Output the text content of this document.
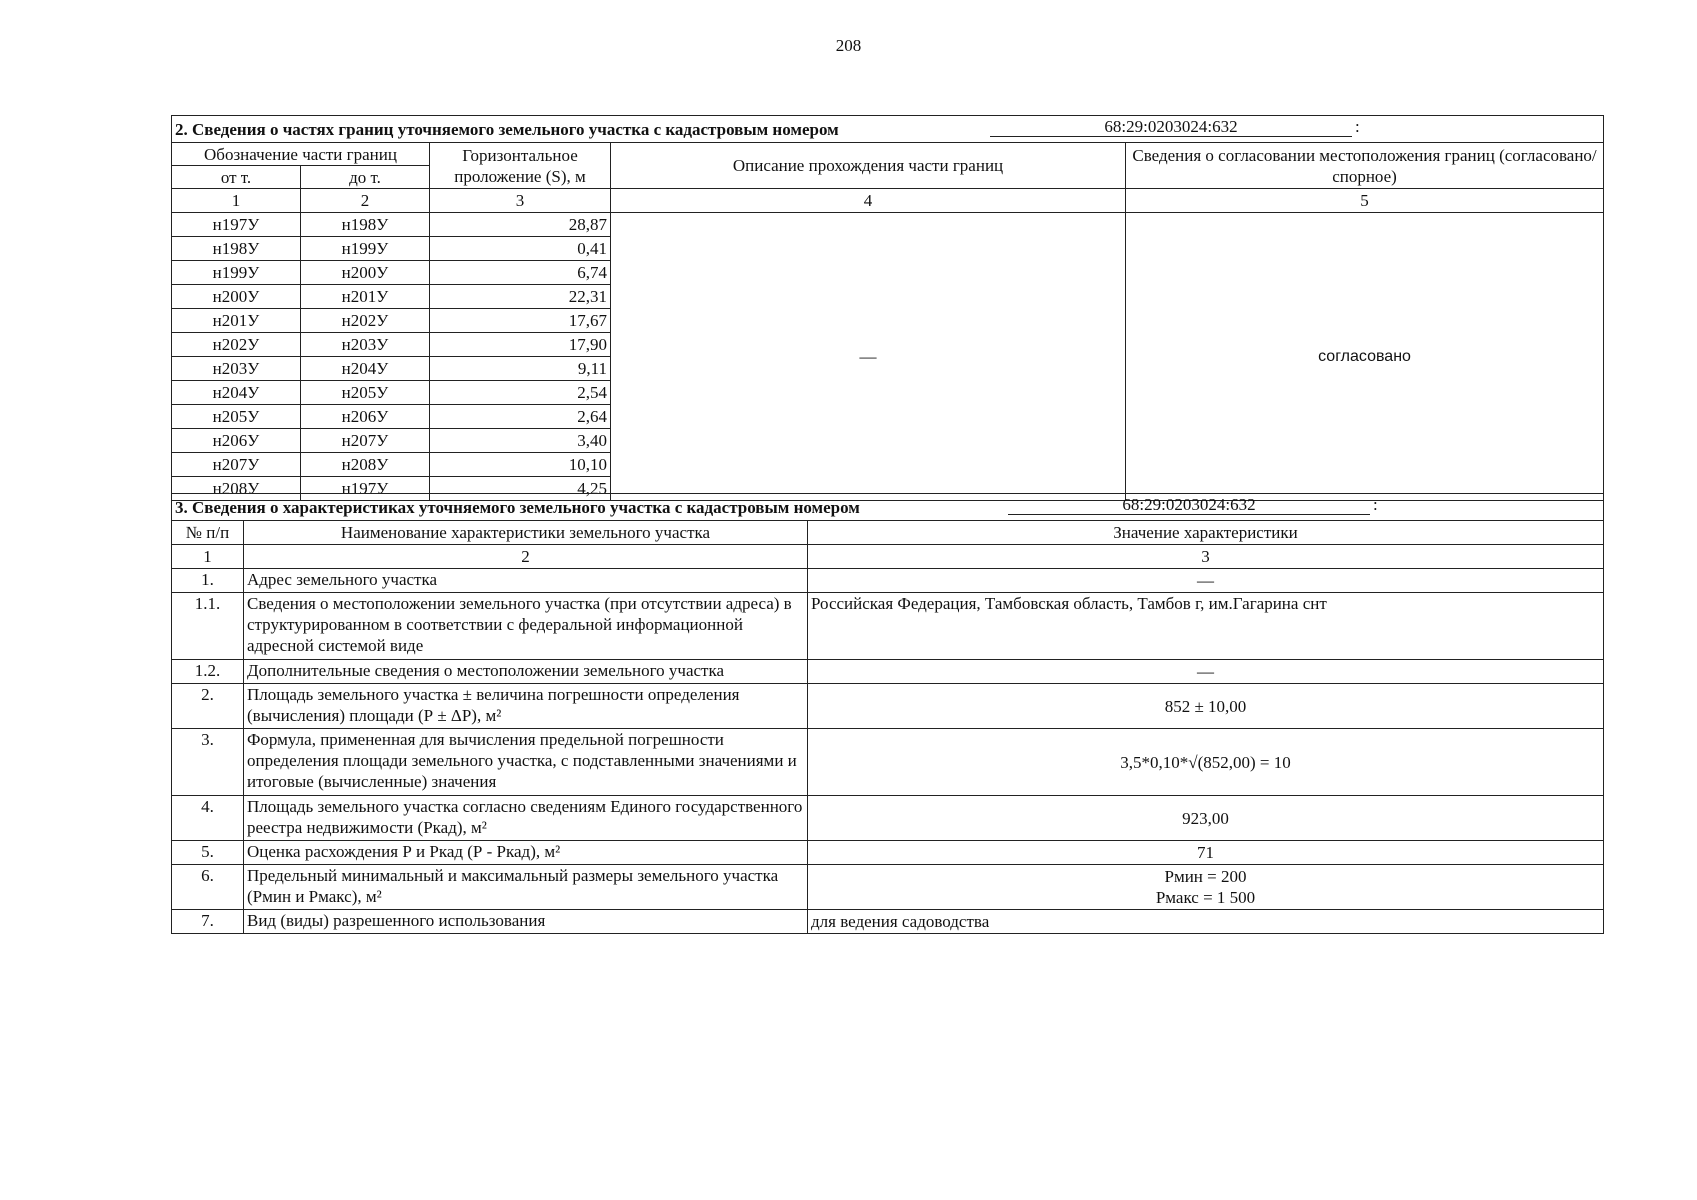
208
2. Сведения о частях границ уточняемого земельного участка с кадастровым номером 68:29:0203024:632 :				

Обозначение части границ		Горизонтальное проложение (S), м	Описание прохождения части границ	Сведения о согласовании местоположения границ (согласовано/спорное)
от т.	до т.			
1	2	3	4	5
н197У	н198У	28,87	—	согласовано
н198У	н199У	0,41		
н199У	н200У	6,74		
н200У	н201У	22,31		
н201У	н202У	17,67		
н202У	н203У	17,90		
н203У	н204У	9,11		
н204У	н205У	2,54		
н205У	н206У	2,64		
н206У	н207У	3,40		
н207У	н208У	10,10		
н208У	н197У	4,25		
3. Сведения о характеристиках уточняемого земельного участка с кадастровым номером 68:29:0203024:632 :		

№ п/п	Наименование характеристики земельного участка	Значение характеристики
1	2	3
1.	Адрес земельного участка	—
1.1.	Сведения о местоположении земельного участка (при отсутствии адреса) в структурированном в соответствии с федеральной информационной адресной системой виде	Российская Федерация, Тамбовская область, Тамбов г, им.Гагарина снт
1.2.	Дополнительные сведения о местоположении земельного участка	—
2.	Площадь земельного участка ± величина погрешности определения (вычисления) площади (Р ± ΔР), м²	852 ± 10,00
3.	Формула, примененная для вычисления предельной погрешности определения площади земельного участка, с подставленными значениями и итоговые (вычисленные) значения	3,5*0,10*√(852,00) = 10
4.	Площадь земельного участка согласно сведениям Единого государственного реестра недвижимости (Ркад), м²	923,00
5.	Оценка расхождения Р и Ркад (Р - Ркад), м²	71
6.	Предельный минимальный и максимальный размеры земельного участка (Рмин и Рмакс), м²	Рмин = 200
Рмакс = 1 500

7.	Вид (виды) разрешенного использования	для ведения садоводства
